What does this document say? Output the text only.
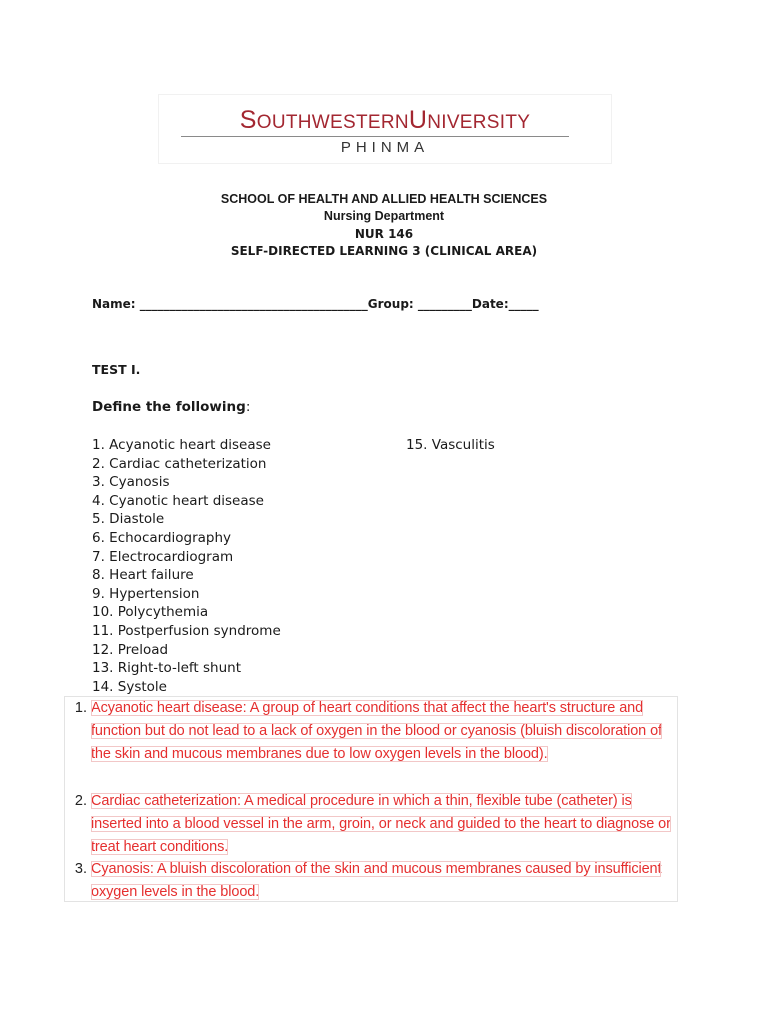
SOUTHWESTERNUNIVERSITY
PHINMA
SCHOOL OF HEALTH AND ALLIED HEALTH SCIENCES
Nursing Department
NUR 146
SELF-DIRECTED LEARNING 3 (CLINICAL AREA)
Name: ______________________________________Group: _________Date:_____
TEST I.
Define the following:
1. Acyanotic heart disease
2. Cardiac catheterization
3. Cyanosis
4. Cyanotic heart disease
5. Diastole
6. Echocardiography
7. Electrocardiogram
8. Heart failure
9. Hypertension
10. Polycythemia
11. Postperfusion syndrome
12. Preload
13. Right-to-left shunt
14. Systole
15. Vasculitis
1. Acyanotic heart disease: A group of heart conditions that affect the heart's structure and function but do not lead to a lack of oxygen in the blood or cyanosis (bluish discoloration of the skin and mucous membranes due to low oxygen levels in the blood).
2. Cardiac catheterization: A medical procedure in which a thin, flexible tube (catheter) is inserted into a blood vessel in the arm, groin, or neck and guided to the heart to diagnose or treat heart conditions.
3. Cyanosis: A bluish discoloration of the skin and mucous membranes caused by insufficient oxygen levels in the blood.
